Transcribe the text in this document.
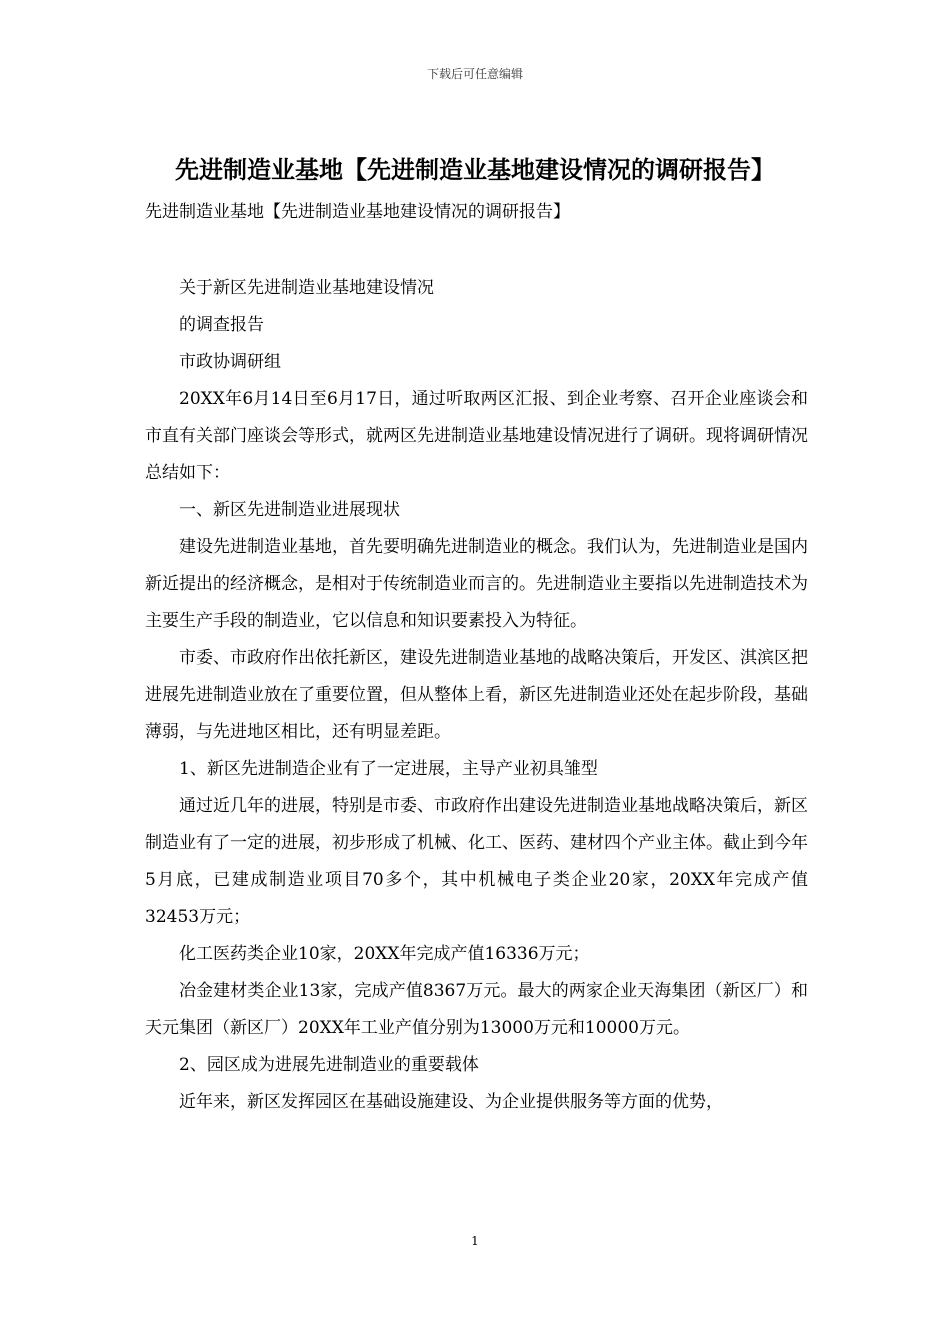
下载后可任意编辑
先进制造业基地【先进制造业基地建设情况的调研报告】

先进制造业基地【先进制造业基地建设情况的调研报告】

关于新区先进制造业基地建设情况

的调查报告

市政协调研组

20XX年6月14日至6月17日，通过听取两区汇报、到企业考察、召开企业座谈会和市直有关部门座谈会等形式，就两区先进制造业基地建设情况进行了调研。现将调研情况总结如下：

一、新区先进制造业进展现状

建设先进制造业基地，首先要明确先进制造业的概念。我们认为，先进制造业是国内新近提出的经济概念，是相对于传统制造业而言的。先进制造业主要指以先进制造技术为主要生产手段的制造业，它以信息和知识要素投入为特征。

市委、市政府作出依托新区，建设先进制造业基地的战略决策后，开发区、淇滨区把进展先进制造业放在了重要位置，但从整体上看，新区先进制造业还处在起步阶段，基础薄弱，与先进地区相比，还有明显差距。

1、新区先进制造企业有了一定进展，主导产业初具雏型

通过近几年的进展，特别是市委、市政府作出建设先进制造业基地战略决策后，新区制造业有了一定的进展，初步形成了机械、化工、医药、建材四个产业主体。截止到今年5月底，已建成制造业项目70多个，其中机械电子类企业20家，20XX年完成产值32453万元；

化工医药类企业10家，20XX年完成产值16336万元；

冶金建材类企业13家，完成产值8367万元。最大的两家企业天海集团（新区厂）和天元集团（新区厂）20XX年工业产值分别为13000万元和10000万元。

2、园区成为进展先进制造业的重要载体

近年来，新区发挥园区在基础设施建设、为企业提供服务等方面的优势，

1
